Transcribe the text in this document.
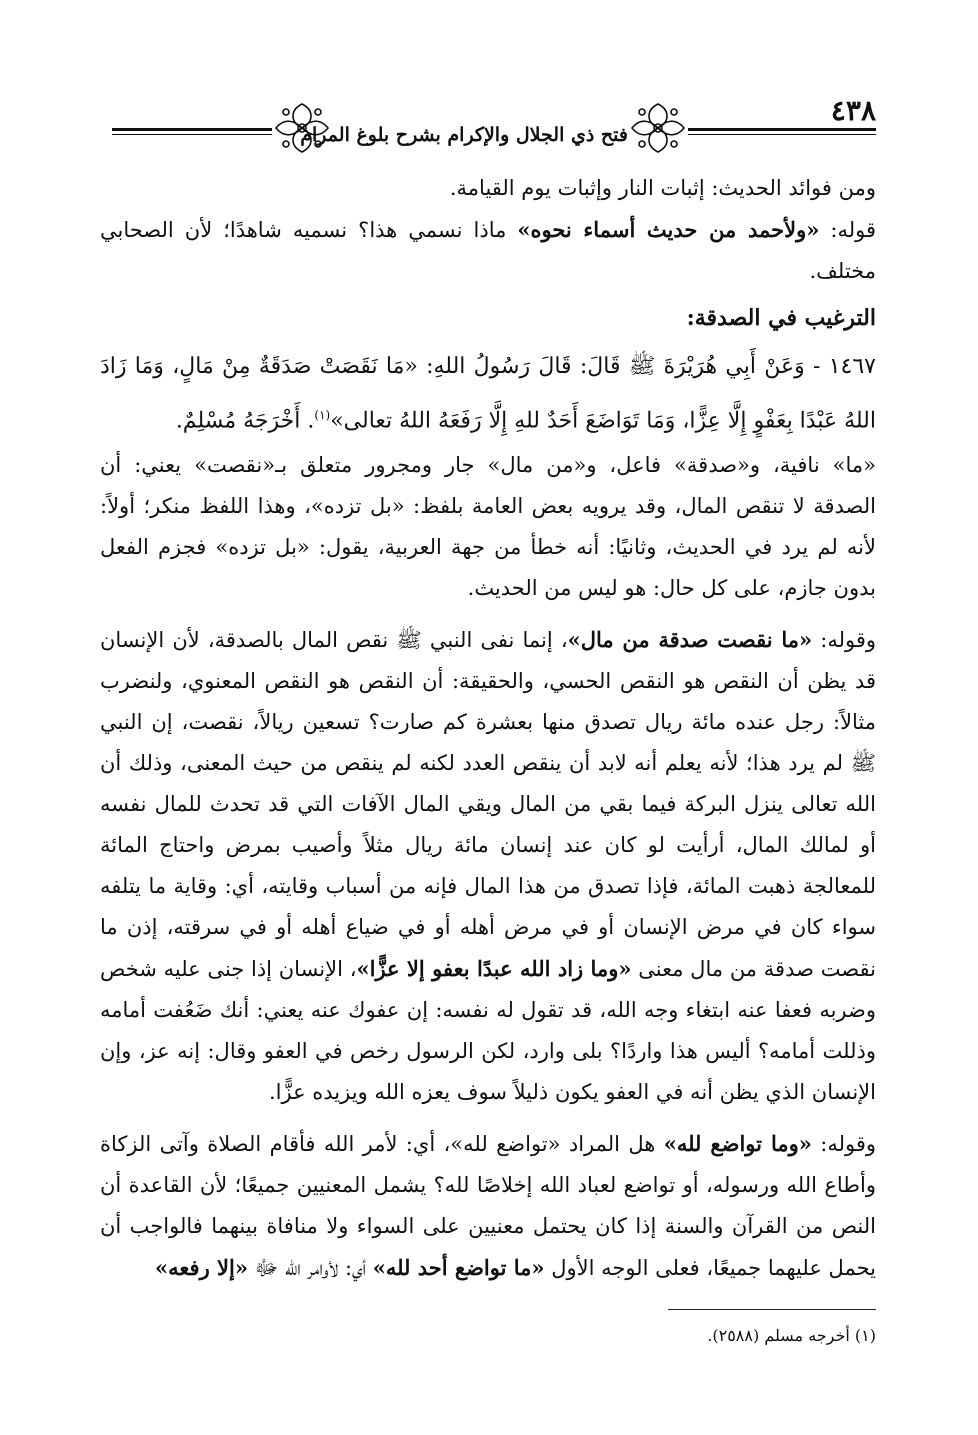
٤٣٨
فتح ذي الجلال والإكرام بشرح بلوغ المرام

ومن فوائد الحديث: إثبات النار وإثبات يوم القيامة.

قوله: «ولأحمد من حديث أسماء نحوه» ماذا نسمي هذا؟ نسميه شاهدًا؛ لأن الصحابي مختلف.

الترغيب في الصدقة:

١٤٦٧ - وَعَنْ أَبِي هُرَيْرَةَ ﷺ قَالَ: قَالَ رَسُولُ اللهِ: «مَا نَقَصَتْ صَدَقَةٌ مِنْ مَالٍ، وَمَا زَادَ اللهُ عَبْدًا بِعَفْوٍ إِلَّا عِزًّا، وَمَا تَوَاضَعَ أَحَدٌ للهِ إِلَّا رَفَعَهُ اللهُ تعالى»$^{(١)}$. أَخْرَجَهُ مُسْلِمٌ.

«ما» نافية، و«صدقة» فاعل، و«من مال» جار ومجرور متعلق بـ«نقصت» يعني: أن الصدقة لا تنقص المال، وقد يرويه بعض العامة بلفظ: «بل تزده»، وهذا اللفظ منكر؛ أولاً: لأنه لم يرد في الحديث، وثانيًا: أنه خطأ من جهة العربية، يقول: «بل تزده» فجزم الفعل بدون جازم، على كل حال: هو ليس من الحديث.

وقوله: «ما نقصت صدقة من مال»، إنما نفى النبي ﷺ نقص المال بالصدقة، لأن الإنسان قد يظن أن النقص هو النقص الحسي، والحقيقة: أن النقص هو النقص المعنوي، ولنضرب مثالاً: رجل عنده مائة ريال تصدق منها بعشرة كم صارت؟ تسعين ريالاً، نقصت، إن النبي ﷺ لم يرد هذا؛ لأنه يعلم أنه لابد أن ينقص العدد لكنه لم ينقص من حيث المعنى، وذلك أن الله تعالى ينزل البركة فيما بقي من المال ويقي المال الآفات التي قد تحدث للمال نفسه أو لمالك المال، أرأيت لو كان عند إنسان مائة ريال مثلاً وأصيب بمرض واحتاج المائة للمعالجة ذهبت المائة، فإذا تصدق من هذا المال فإنه من أسباب وقايته، أي: وقاية ما يتلفه سواء كان في مرض الإنسان أو في مرض أهله أو في ضياع أهله أو في سرقته، إذن ما نقصت صدقة من مال معنى «وما زاد الله عبدًا بعفو إلا عزًّا»، الإنسان إذا جنى عليه شخص وضربه فعفا عنه ابتغاء وجه الله، قد تقول له نفسه: إن عفوك عنه يعني: أنك ضَعُفت أمامه وذللت أمامه؟ أليس هذا واردًا؟ بلى وارد، لكن الرسول رخص في العفو وقال: إنه عز، وإن الإنسان الذي يظن أنه في العفو يكون ذليلاً سوف يعزه الله ويزيده عزًّا.

وقوله: «وما تواضع لله» هل المراد «تواضع لله»، أي: لأمر الله فأقام الصلاة وآتى الزكاة وأطاع الله ورسوله، أو تواضع لعباد الله إخلاصًا لله؟ يشمل المعنيين جميعًا؛ لأن القاعدة أن النص من القرآن والسنة إذا كان يحتمل معنيين على السواء ولا منافاة بينهما فالواجب أن يحمل عليهما جميعًا، فعلى الوجه الأول «ما تواضع أحد لله» أي: لأوامر الله ﷻ «إلا رفعه»

(١) أخرجه مسلم (٢٥٨٨).
